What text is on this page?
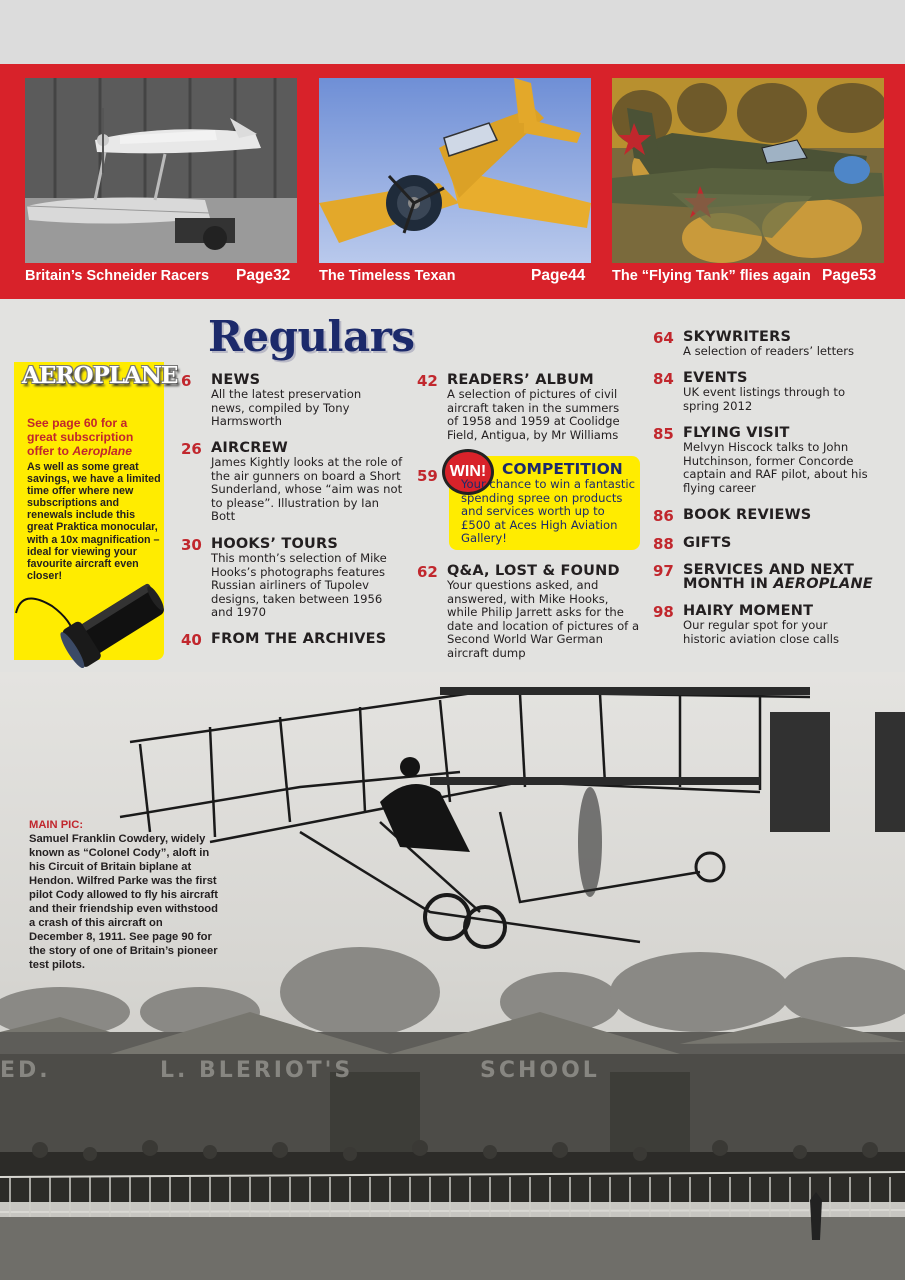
Britain’s Schneider Racers Page32 The Timeless Texan	Page44 The “Flying Tank” flies again Page53
Regulars
AEROPLANE
See page 60 for a great subscription offer to Aeroplane
As well as some great savings, we have a limited time offer where new subscriptions and renewals include this great Praktica monocular, with a 10x magnification – ideal for viewing your favourite aircraft even closer!
6 NEWS
All the latest preservation news, compiled by Tony Harmsworth
26 AIRCREW
James Kightly looks at the role of the air gunners on board a Short Sunderland, whose “aim was not to please”. Illustration by Ian Bott
30 HOOKS’ TOURS
This month’s selection of Mike Hooks’s photographs features Russian airliners of Tupolev designs, taken between 1956 and 1970
40 FROM THE ARCHIVES
42 READERS’ ALBUM
A selection of pictures of civil aircraft taken in the summers of 1958 and 1959 at Coolidge Field, Antigua, by Mr Williams
59 WIN!	COMPETITION
Your chance to win a fantastic spending spree on products and services worth up to £500 at Aces High Aviation Gallery!
62 Q&A, LOST & FOUND
Your questions asked, and answered, with Mike Hooks, while Philip Jarrett asks for the date and location of pictures of a Second World War German aircraft dump
64 SKYWRITERS
A selection of readers’ letters
84 EVENTS
UK event listings through to spring 2012
85 FLYING VISIT
Melvyn Hiscock talks to John Hutchinson, former Concorde captain and RAF pilot, about his flying career
86 BOOK REVIEWS
88 GIFTS
97 SERVICES AND NEXT
MONTH IN AEROPLANE
98 HAIRY MOMENT
Our regular spot for your historic aviation close calls
ED.	L. BLERIOT'S	SCHOOL
MAIN PIC:
Samuel Franklin Cowdery, widely known as “Colonel Cody”, aloft in his Circuit of Britain biplane at Hendon. Wilfred Parke was the first pilot Cody allowed to fly his aircraft and their friendship even withstood a crash of this aircraft on December 8, 1911. See page 90 for the story of one of Britain’s pioneer test pilots.
